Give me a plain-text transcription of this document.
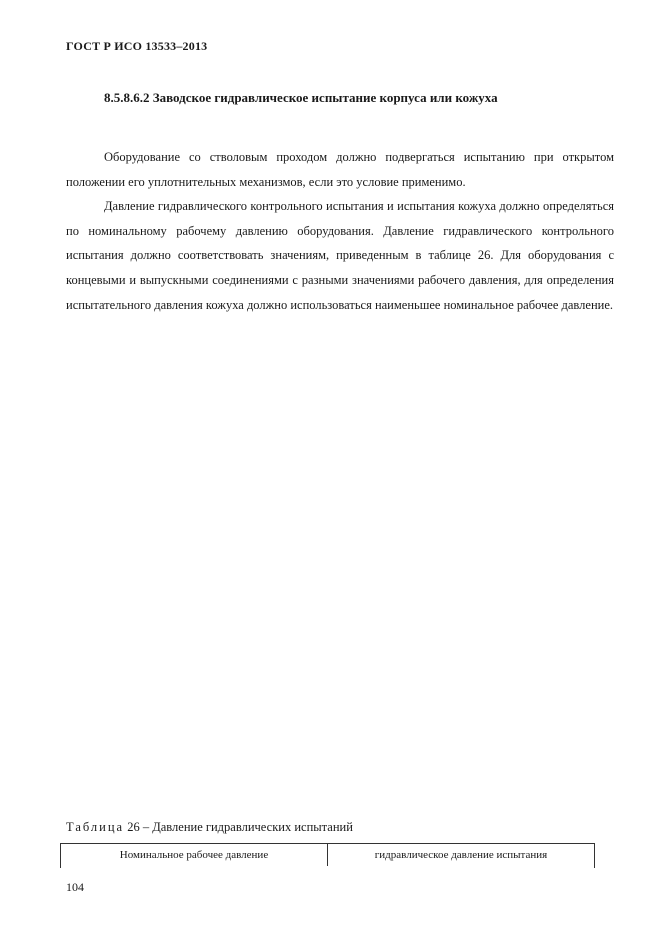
ГОСТ Р ИСО 13533–2013
8.5.8.6.2 Заводское гидравлическое испытание корпуса или кожуха

Оборудование со стволовым проходом должно подвергаться испытанию при открытом положении его уплотнительных механизмов, если это условие применимо.

Давление гидравлического контрольного испытания и испытания кожуха должно определяться по номинальному рабочему давлению оборудования. Давление гидравлического контрольного испытания должно соответствовать значениям, приведенным в таблице 26. Для оборудования с концевыми и выпускными соединениями с разными значениями рабочего давления, для определения испытательного давления кожуха должно использоваться наименьшее номинальное рабочее давление.

Таблица 26 – Давление гидравлических испытаний
Номинальное рабочее давление	гидравлическое давление испытания
104
